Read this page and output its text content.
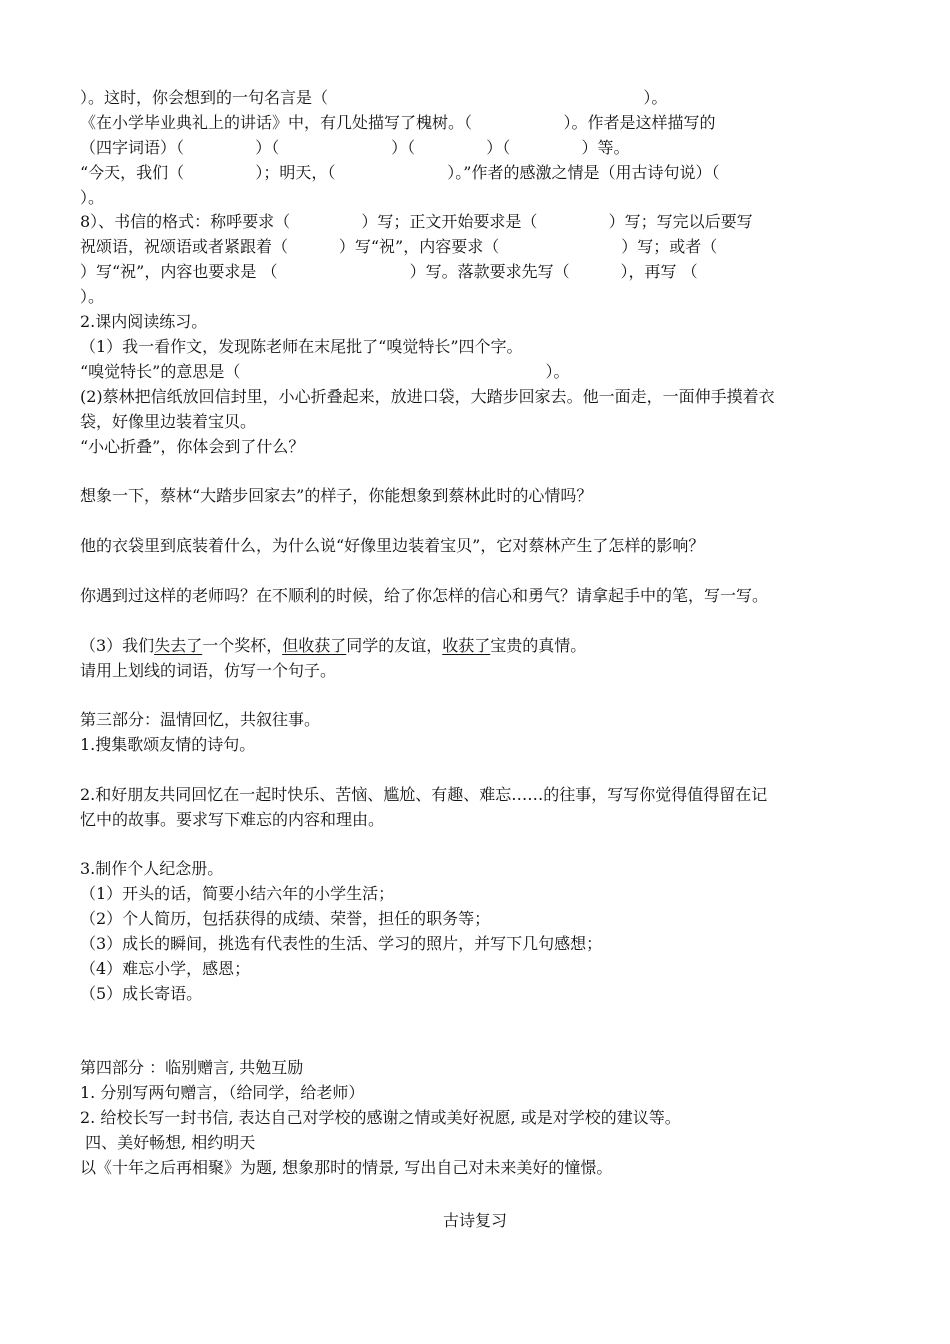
）。这时，你会想到的一句名言是（                                                              ）。
《在小学毕业典礼上的讲话》中，有几处描写了槐树。（                  ）。作者是这样描写的
（四字词语）（              ）（                      ）（              ）（              ）等。
“今天，我们（              ）；明天，（                      ）。”作者的感激之情是（用古诗句说）（
）。
8）、书信的格式：称呼要求（              ）写；正文开始要求是（              ）写；写完以后要写
祝颂语，祝颂语或者紧跟着（          ）写“祝”，内容要求（                        ）写；或者（
）写“祝”，内容也要求是 （                          ）写。落款要求先写（          ），再写 （
）。
2.课内阅读练习。
（1）我一看作文，发现陈老师在末尾批了“嗅觉特长”四个字。
“嗅觉特长”的意思是（                                                            ）。
(2)蔡林把信纸放回信封里，小心折叠起来，放进口袋，大踏步回家去。他一面走，一面伸手摸着衣
袋，好像里边装着宝贝。
“小心折叠”，你体会到了什么？
想象一下，蔡林“大踏步回家去”的样子，你能想象到蔡林此时的心情吗？
他的衣袋里到底装着什么，为什么说“好像里边装着宝贝”，它对蔡林产生了怎样的影响？
你遇到过这样的老师吗？在不顺利的时候，给了你怎样的信心和勇气？请拿起手中的笔，写一写。
（3）我们失去了一个奖杯，但收获了同学的友谊，收获了宝贵的真情。
请用上划线的词语，仿写一个句子。
第三部分：温情回忆，共叙往事。
1.搜集歌颂友情的诗句。
2.和好朋友共同回忆在一起时快乐、苦恼、尴尬、有趣、难忘……的往事，写写你觉得值得留在记
忆中的故事。要求写下难忘的内容和理由。
3.制作个人纪念册。
（1）开头的话，简要小结六年的小学生活；
（2）个人简历，包括获得的成绩、荣誉，担任的职务等；
（3）成长的瞬间，挑选有代表性的生活、学习的照片，并写下几句感想；
（4）难忘小学，感恩；
（5）成长寄语。
第四部分 ：临别赠言, 共勉互励
1. 分别写两句赠言，（给同学，给老师）
2. 给校长写一封书信, 表达自己对学校的感谢之情或美好祝愿, 或是对学校的建议等。
四、美好畅想, 相约明天
以《十年之后再相聚》为题, 想象那时的情景, 写出自己对未来美好的憧憬。
古诗复习
